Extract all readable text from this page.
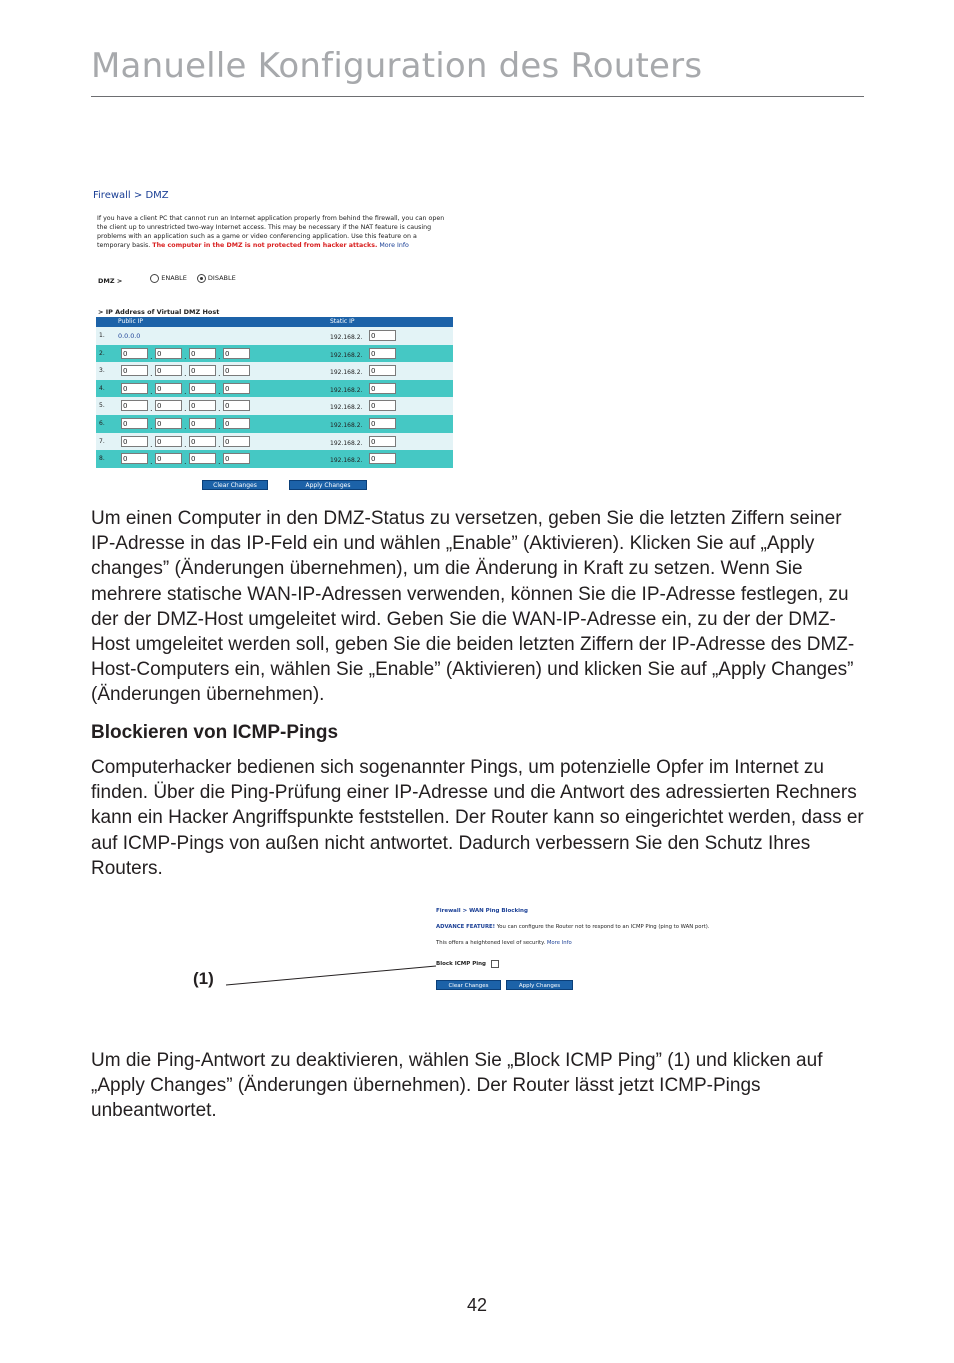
Manuelle Konfiguration des Routers
Firewall > DMZ
If you have a client PC that cannot run an Internet application properly from behind the firewall, you can open the client up to unrestricted two-way Internet access. This may be necessary if the NAT feature is causing problems with an application such as a game or video conferencing application. Use this feature on a temporary basis. The computer in the DMZ is not protected from hacker attacks. More Info
DMZ >	ENABLE	DISABLE
> IP Address of Virtual DMZ Host
Public IP	Static IP
1. 0.0.0.0	192.168.2. 0
2.	0	. 0	. 0	. 0	192.168.2. 0
3.	0	. 0	. 0	. 0	192.168.2. 0
4.	0	. 0	. 0	. 0	192.168.2. 0
5.	0	. 0	. 0	. 0	192.168.2. 0
6.	0	. 0	. 0	. 0	192.168.2. 0
7.	0	. 0	. 0	. 0	192.168.2. 0
8.	0	. 0	. 0	. 0	192.168.2. 0
Clear Changes	Apply Changes

Um einen Computer in den DMZ-Status zu versetzen, geben Sie die letzten Ziffern seiner IP-Adresse in das IP-Feld ein und wählen „Enable” (Aktivieren). Klicken Sie auf „Apply changes” (Änderungen übernehmen), um die Änderung in Kraft zu setzen. Wenn Sie mehrere statische WAN-IP-Adressen verwenden, können Sie die IP-Adresse festlegen, zu der der DMZ-Host umgeleitet wird. Geben Sie die WAN-IP-Adresse ein, zu der der DMZ-Host umgeleitet werden soll, geben Sie die beiden letzten Ziffern der IP-Adresse des DMZ-Host-Computers ein, wählen Sie „Enable” (Aktivieren) und klicken Sie auf „Apply Changes” (Änderungen übernehmen).

Blockieren von ICMP-Pings

Computerhacker bedienen sich sogenannter Pings, um potenzielle Opfer im Internet zu finden. Über die Ping-Prüfung einer IP-Adresse und die Antwort des adressierten Rechners kann ein Hacker Angriffspunkte feststellen. Der Router kann so eingerichtet werden, dass er auf ICMP-Pings von außen nicht antwortet. Dadurch verbessern Sie den Schutz Ihres Routers.

Firewall > WAN Ping Blocking
ADVANCE FEATURE! You can configure the Router not to respond to an ICMP Ping (ping to WAN port).
This offers a heightened level of security. More Info
Block ICMP Ping
Clear Changes	Apply Changes
(1)

Um die Ping-Antwort zu deaktivieren, wählen Sie „Block ICMP Ping” (1) und klicken auf „Apply Changes” (Änderungen übernehmen). Der Router lässt jetzt ICMP-Pings unbeantwortet.

42
